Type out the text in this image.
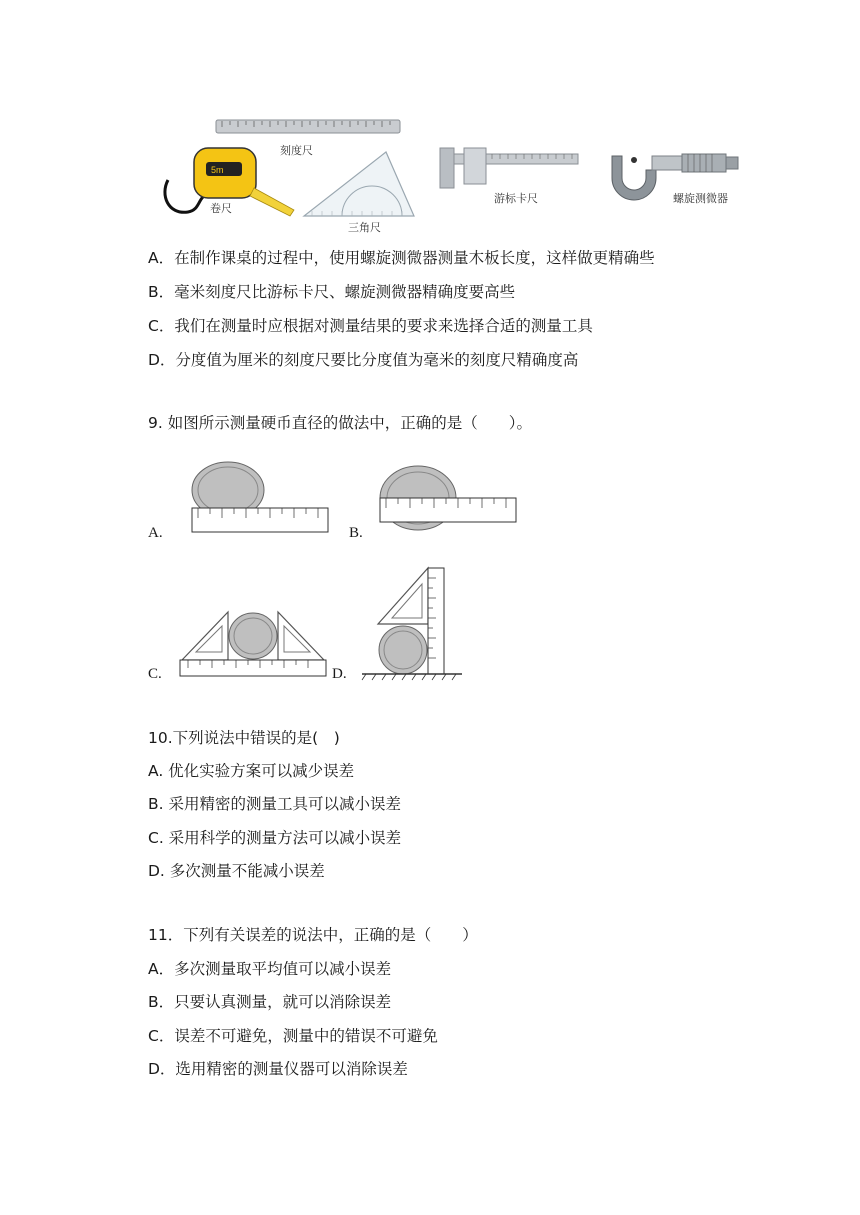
刻度尺
5m
卷尺
三角尺
游标卡尺	螺旋测微器
A．在制作课桌的过程中，使用螺旋测微器测量木板长度，这样做更精确些
B．毫米刻度尺比游标卡尺、螺旋测微器精确度要高些
C．我们在测量时应根据对测量结果的要求来选择合适的测量工具
D．分度值为厘米的刻度尺要比分度值为毫米的刻度尺精确度高
9. 如图所示测量硬币直径的做法中，正确的是（　　）。
A.	B.
C.	D.
10.下列说法中错误的是(　)
A. 优化实验方案可以减少误差
B. 采用精密的测量工具可以减小误差
C. 采用科学的测量方法可以减小误差
D. 多次测量不能减小误差
11．下列有关误差的说法中，正确的是（　　）
A．多次测量取平均值可以减小误差
B．只要认真测量，就可以消除误差
C．误差不可避免，测量中的错误不可避免
D．选用精密的测量仪器可以消除误差
